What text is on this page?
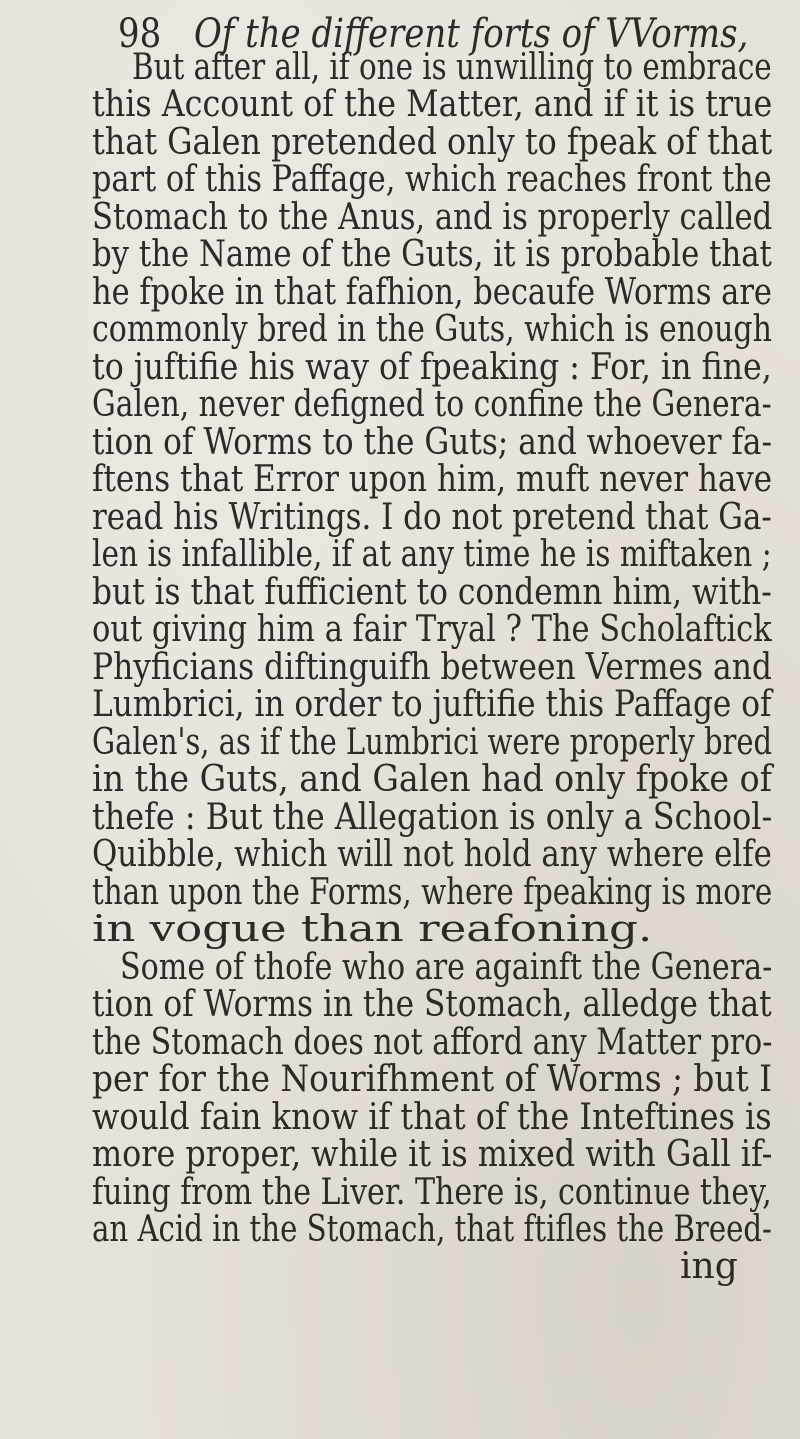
98 Of the different forts of VVorms,
But after all, if one is unwilling to embrace
this Account of the Matter, and if it is true
that Galen pretended only to fpeak of that
part of this Paffage, which reaches front the
Stomach to the Anus, and is properly called
by the Name of the Guts, it is probable that
he fpoke in that fafhion, becaufe Worms are
commonly bred in the Guts, which is enough
to juftifie his way of fpeaking : For, in fine,
Galen, never defigned to confine the Genera-
tion of Worms to the Guts; and whoever fa-
ftens that Error upon him, muft never have
read his Writings. I do not pretend that Ga-
len is infallible, if at any time he is miftaken ;
but is that fufficient to condemn him, with-
out giving him a fair Tryal ? The Scholaftick
Phyficians diftinguifh between Vermes and
Lumbrici, in order to juftifie this Paffage of
Galen's, as if the Lumbrici were properly bred
in the Guts, and Galen had only fpoke of
thefe : But the Allegation is only a School-
Quibble, which will not hold any where elfe
than upon the Forms, where fpeaking is more
in vogue than reafoning.
Some of thofe who are againft the Genera-
tion of Worms in the Stomach, alledge that
the Stomach does not afford any Matter pro-
per for the Nourifhment of Worms ; but I
would fain know if that of the Inteftines is
more proper, while it is mixed with Gall if-
fuing from the Liver. There is, continue they,
an Acid in the Stomach, that ftifles the Breed-
ing
